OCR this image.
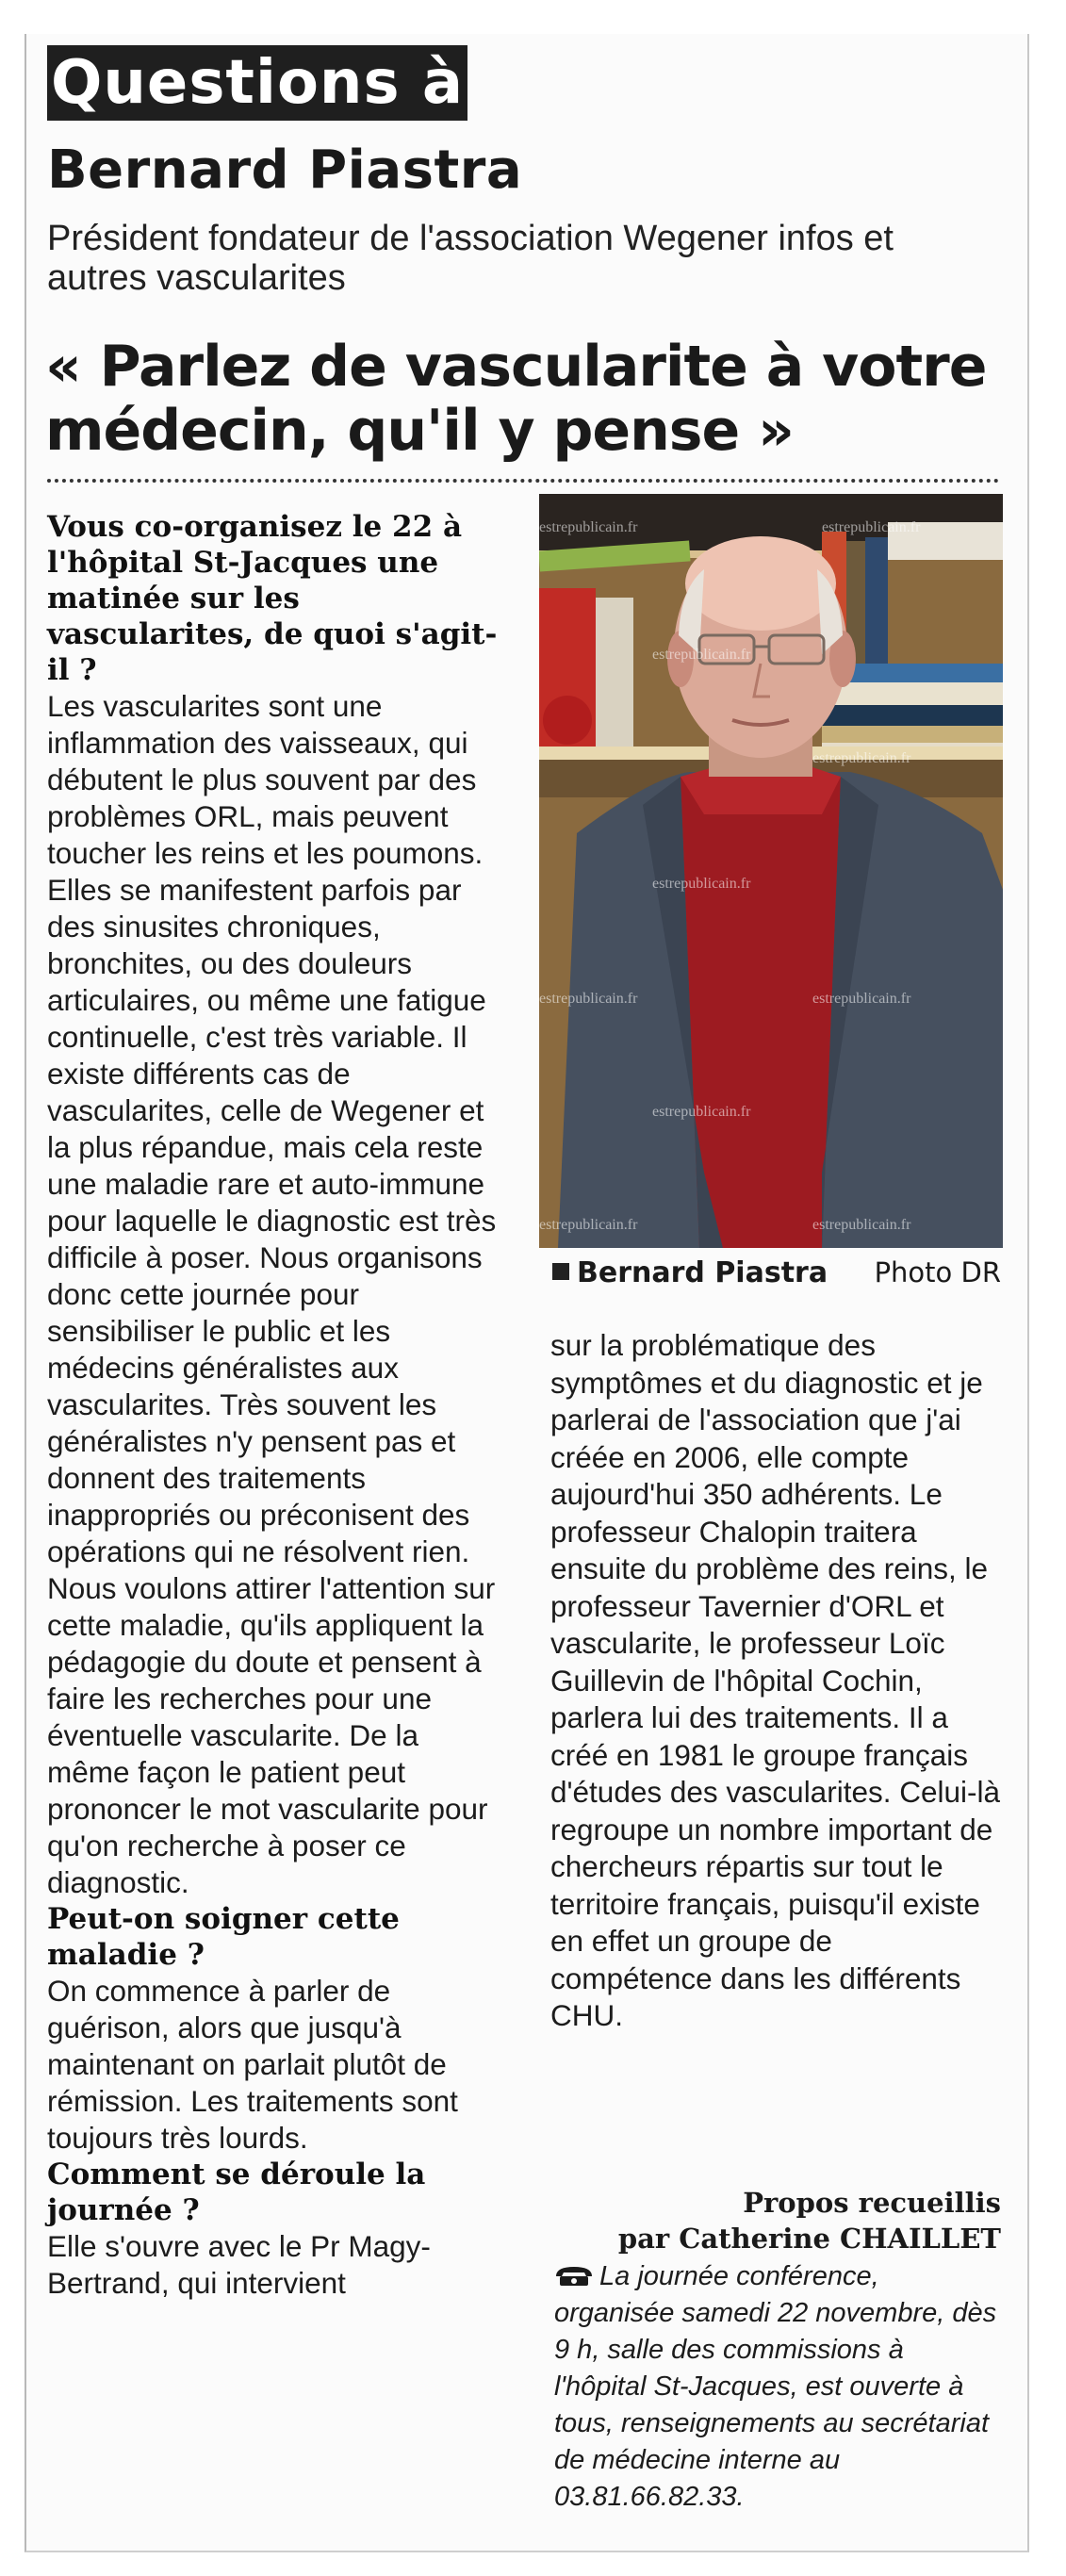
Questions à
Bernard Piastra
Président fondateur de l'association Wegener infos et autres vascularites
« Parlez de vascularite à votre médecin, qu'il y pense »

Vous co-organisez le 22 à l'hôpital St-Jacques une matinée sur les vascularites, de quoi s'agit-il ?

Les vascularites sont une inflammation des vaisseaux, qui débutent le plus souvent par des problèmes ORL, mais peuvent toucher les reins et les poumons. Elles se manifestent parfois par des sinusites chroniques, bronchites, ou des douleurs articulaires, ou même une fatigue continuelle, c'est très variable. Il existe différents cas de vascularites, celle de Wegener et la plus répandue, mais cela reste une maladie rare et auto-immune pour laquelle le diagnostic est très difficile à poser. Nous organisons donc cette journée pour sensibiliser le public et les médecins généralistes aux vascularites. Très souvent les généralistes n'y pensent pas et donnent des traitements inappropriés ou préconisent des opérations qui ne résolvent rien. Nous voulons attirer l'attention sur cette maladie, qu'ils appliquent la pédagogie du doute et pensent à faire les recherches pour une éventuelle vascularite. De la même façon le patient peut prononcer le mot vascularite pour qu'on recherche à poser ce diagnostic.

Peut-on soigner cette maladie ?

On commence à parler de guérison, alors que jusqu'à maintenant on parlait plutôt de rémission. Les traitements sont toujours très lourds.

Comment se déroule la journée ?

Elle s'ouvre avec le Pr Magy-Bertrand, qui intervient

estrepublicain.fr	estrepublicain.fr
estrepublicain.fr
estrepublicain.fr
estrepublicain.fr
estrepublicain.fr	estrepublicain.fr
estrepublicain.fr
estrepublicain.fr	estrepublicain.fr
Bernard Piastra Photo DR

sur la problématique des symptômes et du diagnostic et je parlerai de l'association que j'ai créée en 2006, elle compte aujourd'hui 350 adhérents. Le professeur Chalopin traitera ensuite du problème des reins, le professeur Tavernier d'ORL et vascularite, le professeur Loïc Guillevin de l'hôpital Cochin, parlera lui des traitements. Il a créé en 1981 le groupe français d'études des vascularites. Celui-là regroupe un nombre important de chercheurs répartis sur tout le territoire français, puisqu'il existe en effet un groupe de compétence dans les différents CHU.

Propos recueillis
par Catherine CHAILLET
La journée conférence, organisée samedi 22 novembre, dès 9 h, salle des commissions à l'hôpital St-Jacques, est ouverte à tous, renseignements au secrétariat de médecine interne au 03.81.66.82.33.
